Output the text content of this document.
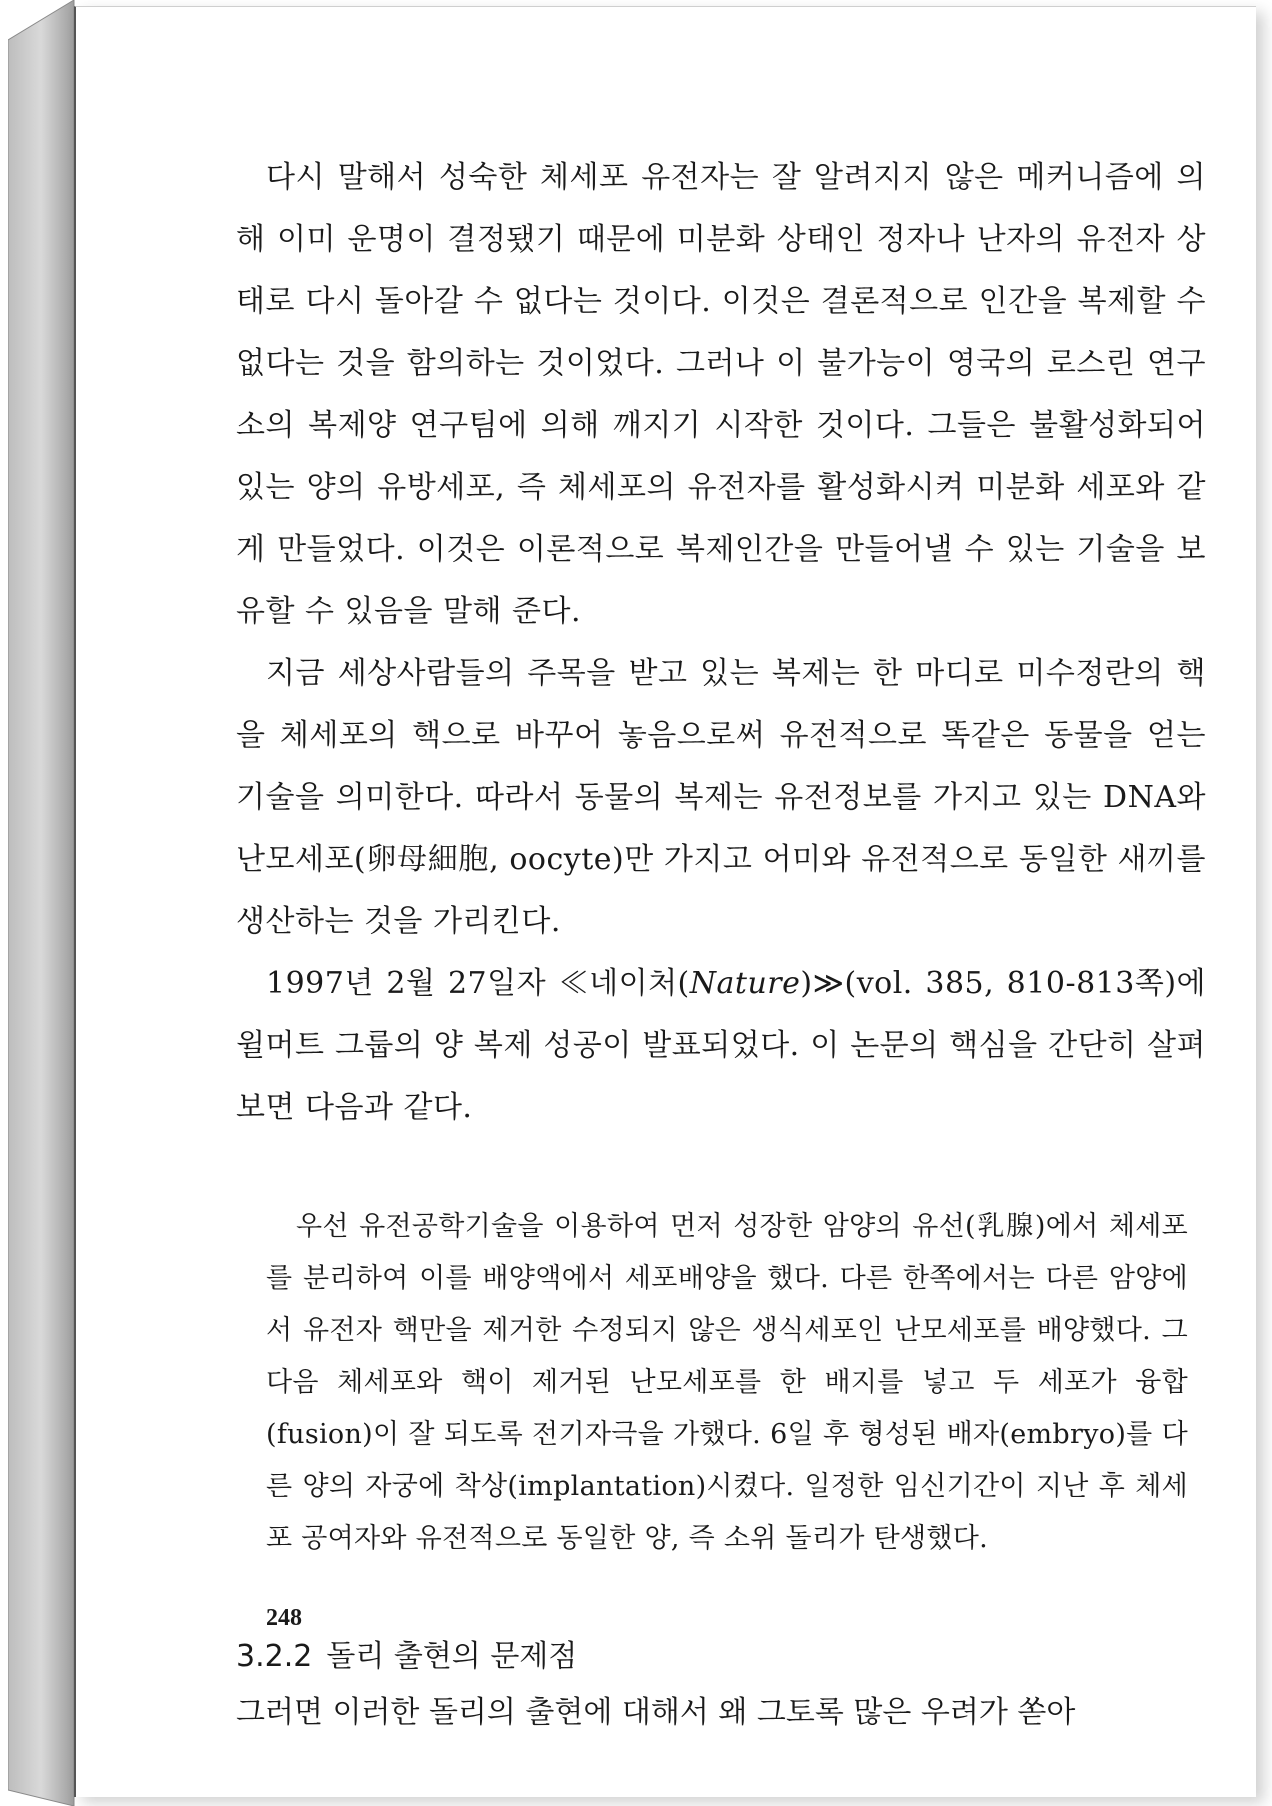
다시 말해서 성숙한 체세포 유전자는 잘 알려지지 않은 메커니즘에 의해 이미 운명이 결정됐기 때문에 미분화 상태인 정자나 난자의 유전자 상태로 다시 돌아갈 수 없다는 것이다. 이것은 결론적으로 인간을 복제할 수 없다는 것을 함의하는 것이었다. 그러나 이 불가능이 영국의 로스린 연구소의 복제양 연구팀에 의해 깨지기 시작한 것이다. 그들은 불활성화되어 있는 양의 유방세포, 즉 체세포의 유전자를 활성화시켜 미분화 세포와 같게 만들었다. 이것은 이론적으로 복제인간을 만들어낼 수 있는 기술을 보유할 수 있음을 말해 준다.

지금 세상사람들의 주목을 받고 있는 복제는 한 마디로 미수정란의 핵을 체세포의 핵으로 바꾸어 놓음으로써 유전적으로 똑같은 동물을 얻는 기술을 의미한다. 따라서 동물의 복제는 유전정보를 가지고 있는 DNA와 난모세포(卵母細胞, oocyte)만 가지고 어미와 유전적으로 동일한 새끼를 생산하는 것을 가리킨다.

1997년 2월 27일자 ≪네이처(Nature)≫(vol. 385, 810-813쪽)에 윌머트 그룹의 양 복제 성공이 발표되었다. 이 논문의 핵심을 간단히 살펴보면 다음과 같다.

우선 유전공학기술을 이용하여 먼저 성장한 암양의 유선(乳腺)에서 체세포를 분리하여 이를 배양액에서 세포배양을 했다. 다른 한쪽에서는 다른 암양에서 유전자 핵만을 제거한 수정되지 않은 생식세포인 난모세포를 배양했다. 그 다음 체세포와 핵이 제거된 난모세포를 한 배지를 넣고 두 세포가 융합(fusion)이 잘 되도록 전기자극을 가했다. 6일 후 형성된 배자(embryo)를 다른 양의 자궁에 착상(implantation)시켰다. 일정한 임신기간이 지난 후 체세포 공여자와 유전적으로 동일한 양, 즉 소위 돌리가 탄생했다.

3.2.2 돌리 출현의 문제점

그러면 이러한 돌리의 출현에 대해서 왜 그토록 많은 우려가 쏟아

248
